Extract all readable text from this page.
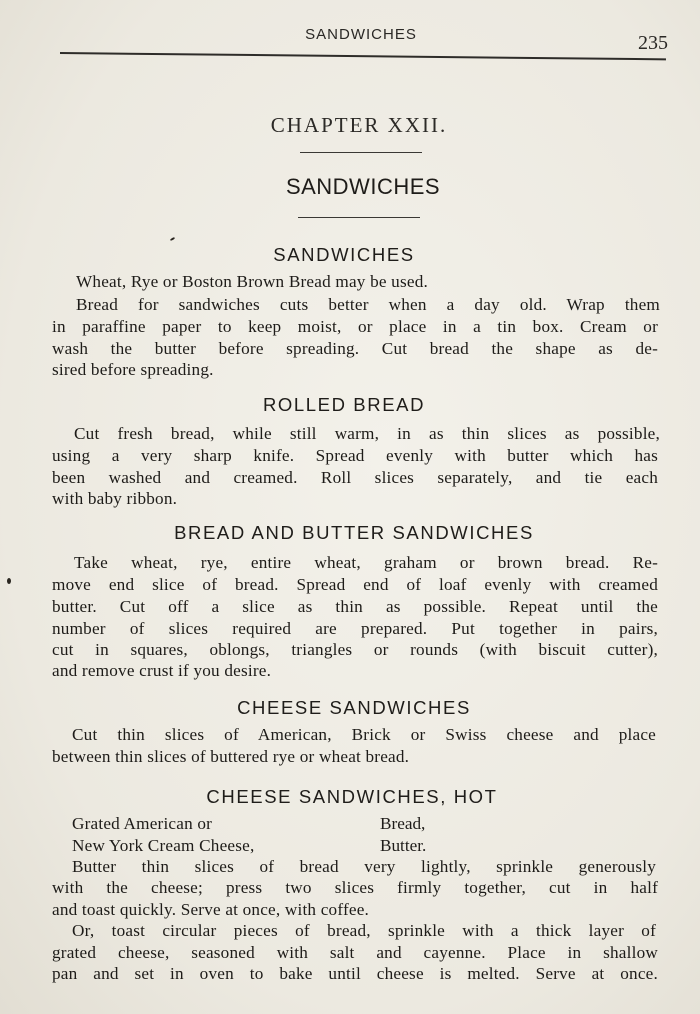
SANDWICHES	235
CHAPTER XXII.
SANDWICHES
SANDWICHES
Wheat, Rye or Boston Brown Bread may be used.
Bread for sandwiches cuts better when a day old. Wrap them
in paraffine paper to keep moist, or place in a tin box. Cream or
wash the butter before spreading. Cut bread the shape as de-
sired before spreading.
ROLLED BREAD
Cut fresh bread, while still warm, in as thin slices as possible,
using a very sharp knife. Spread evenly with butter which has
been washed and creamed. Roll slices separately, and tie each
with baby ribbon.
BREAD AND BUTTER SANDWICHES
Take wheat, rye, entire wheat, graham or brown bread. Re-
move end slice of bread. Spread end of loaf evenly with creamed
butter. Cut off a slice as thin as possible. Repeat until the
number of slices required are prepared. Put together in pairs,
cut in squares, oblongs, triangles or rounds (with biscuit cutter),
and remove crust if you desire.
CHEESE SANDWICHES
Cut thin slices of American, Brick or Swiss cheese and place
between thin slices of buttered rye or wheat bread.
CHEESE SANDWICHES, HOT
Grated American or	Bread,
New York Cream Cheese,	Butter.
Butter thin slices of bread very lightly, sprinkle generously
with the cheese; press two slices firmly together, cut in half
and toast quickly. Serve at once, with coffee.
Or, toast circular pieces of bread, sprinkle with a thick layer of
grated cheese, seasoned with salt and cayenne. Place in shallow
pan and set in oven to bake until cheese is melted. Serve at once.
